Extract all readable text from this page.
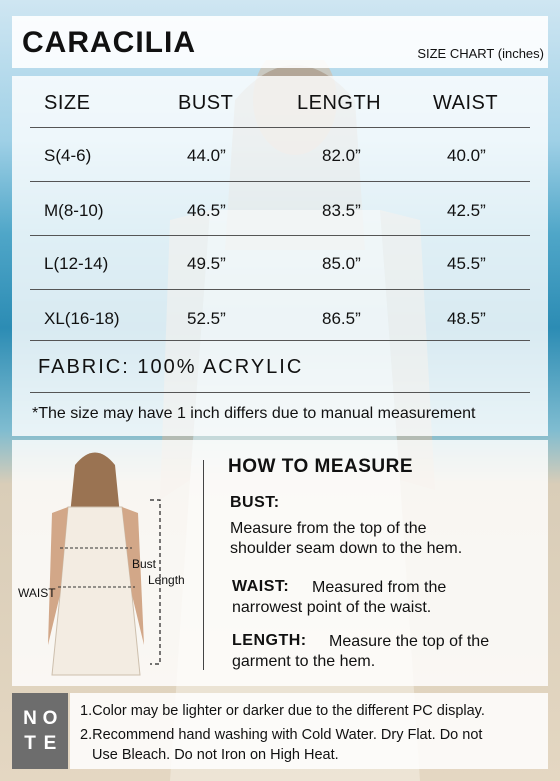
CARACILIA	SIZE CHART (inches)
SIZE	BUST	LENGTH	WAIST
S(4-6)	44.0”	82.0”	40.0”
M(8-10)	46.5”	83.5”	42.5”
L(12-14)	49.5”	85.0”	45.5”
XL(16-18)	52.5”	86.5”	48.5”
FABRIC: 100% ACRYLIC
*The size may have 1 inch differs due to manual measurement
Bust
Length
WAIST
HOW TO MEASURE
BUST:
Measure from the top of the
shoulder seam down to the hem.
WAIST: Measured from the
narrowest point of the waist.
LENGTH: Measure the top of the
garment to the hem.
N O
T E
1.Color may be lighter or darker due to the different PC display.
2.Recommend hand washing with Cold Water. Dry Flat. Do not
Use Bleach. Do not Iron on High Heat.
